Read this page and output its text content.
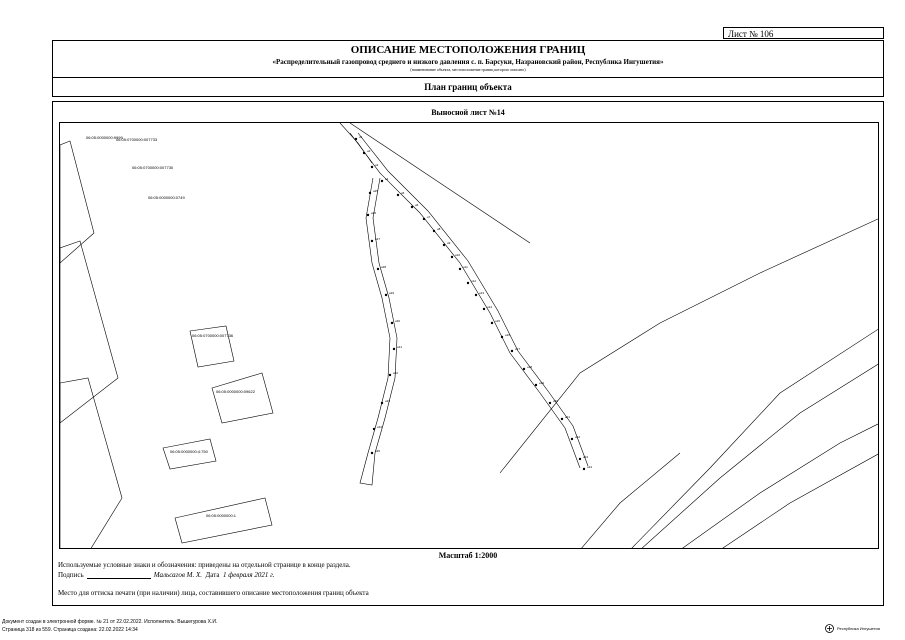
Лист № 106
ОПИСАНИЕ МЕСТОПОЛОЖЕНИЯ ГРАНИЦ
«Распределительный газопровод среднего и низкого давления с. п. Барсуки, Назрановский район, Республика Ингушетия»
(наименование объекта, местоположение границ которого описано)
План границ объекта
Выносной лист №14
н1
н2
н3
н4
н5
н6
н7
н8
н9
н10
н11
н12
н13
н14
н15
н16
н17
н18
н19
н20
н21
н22
н23
н24
н25
н26
н27
н28
н29
н30
н31
н32
н33
н34
н35
06:05:0000000:9999
06:05:0700000:007733
06:05:0700000:007730
06:05:0000000:0749
06:05:0700000:007736
06:05:0000000:09622
06:05:0000000:4:750
06:05:0000000:1
Масштаб 1:2000
Используемые условные знаки и обозначения: приведены на отдельной странице в конце раздела.
Подпись	Мальсагов М. Х. Дата 1 февраля 2021 г.
Место для оттиска печати (при наличии) лица, составившего описание местоположения границ объекта
Документ создан в электронной форме. № 21 от 22.02.2022. Исполнитель: Вышегурова Х.И.
Страница 318 из 559. Страница создана: 22.02.2022 14:34	Республика Ингушетия
